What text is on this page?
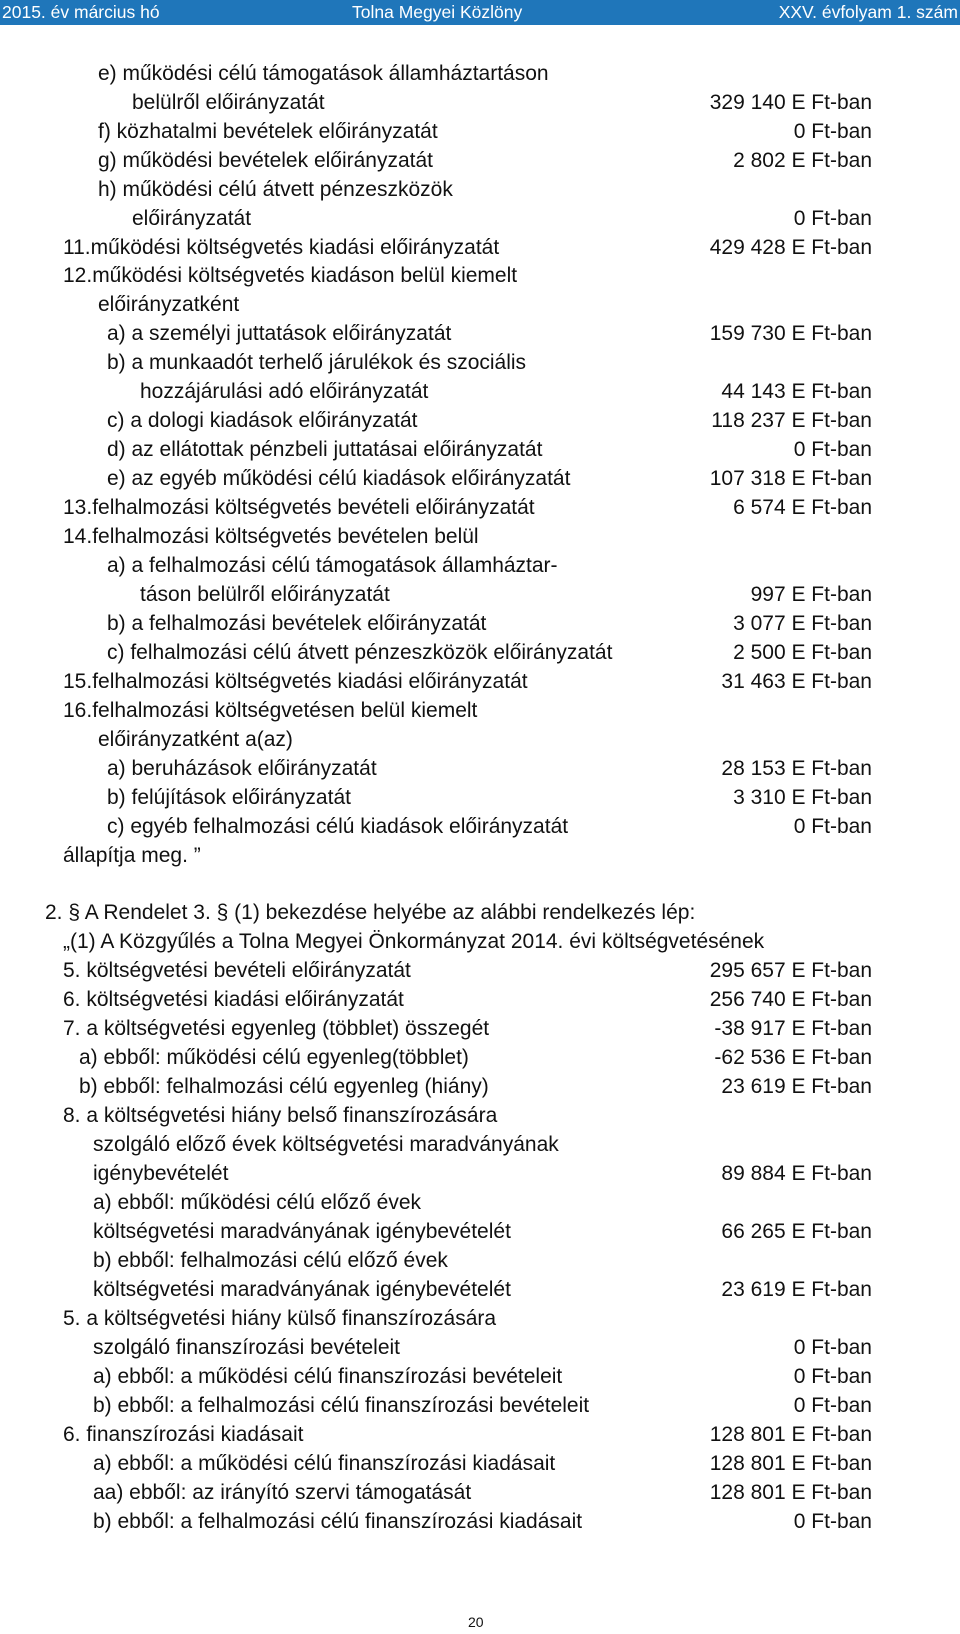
2015. év március hó	Tolna Megyei Közlöny	XXV. évfolyam 1. szám
e) működési célú támogatások államháztartáson
belülről előirányzatát	329 140 E Ft-ban
f) közhatalmi bevételek előirányzatát	0 Ft-ban
g) működési bevételek előirányzatát	2 802 E Ft-ban
h) működési célú átvett pénzeszközök
előirányzatát	0 Ft-ban
11.működési költségvetés kiadási előirányzatát	429 428 E Ft-ban
12.működési költségvetés kiadáson belül kiemelt
előirányzatként
a) a személyi juttatások előirányzatát	159 730 E Ft-ban
b) a munkaadót terhelő járulékok és szociális
hozzájárulási adó előirányzatát	44 143 E Ft-ban
c) a dologi kiadások előirányzatát	118 237 E Ft-ban
d) az ellátottak pénzbeli juttatásai előirányzatát	0 Ft-ban
e) az egyéb működési célú kiadások előirányzatát	107 318 E Ft-ban
13.felhalmozási költségvetés bevételi előirányzatát	6 574 E Ft-ban
14.felhalmozási költségvetés bevételen belül
a) a felhalmozási célú támogatások államháztar-
táson belülről előirányzatát	997 E Ft-ban
b) a felhalmozási bevételek előirányzatát	3 077 E Ft-ban
c) felhalmozási célú átvett pénzeszközök előirányzatát	2 500 E Ft-ban
15.felhalmozási költségvetés kiadási előirányzatát	31 463 E Ft-ban
16.felhalmozási költségvetésen belül kiemelt
előirányzatként a(az)
a) beruházások előirányzatát	28 153 E Ft-ban
b) felújítások előirányzatát	3 310 E Ft-ban
c) egyéb felhalmozási célú kiadások előirányzatát	0 Ft-ban
állapítja meg. ”
2. § A Rendelet 3. § (1) bekezdése helyébe az alábbi rendelkezés lép:
„(1) A Közgyűlés a Tolna Megyei Önkormányzat 2014. évi költségvetésének
5. költségvetési bevételi előirányzatát	295 657 E Ft-ban
6. költségvetési kiadási előirányzatát	256 740 E Ft-ban
7. a költségvetési egyenleg (többlet) összegét	-38 917 E Ft-ban
a) ebből: működési célú egyenleg(többlet)	-62 536 E Ft-ban
b) ebből: felhalmozási célú egyenleg (hiány)	23 619 E Ft-ban
8. a költségvetési hiány belső finanszírozására
szolgáló előző évek költségvetési maradványának
igénybevételét	89 884 E Ft-ban
a) ebből: működési célú előző évek
költségvetési maradványának igénybevételét	66 265 E Ft-ban
b) ebből: felhalmozási célú előző évek
költségvetési maradványának igénybevételét	23 619 E Ft-ban
5. a költségvetési hiány külső finanszírozására
szolgáló finanszírozási bevételeit	0 Ft-ban
a) ebből: a működési célú finanszírozási bevételeit	0 Ft-ban
b) ebből: a felhalmozási célú finanszírozási bevételeit	0 Ft-ban
6. finanszírozási kiadásait	128 801 E Ft-ban
a) ebből: a működési célú finanszírozási kiadásait	128 801 E Ft-ban
aa) ebből: az irányító szervi támogatását	128 801 E Ft-ban
b) ebből: a felhalmozási célú finanszírozási kiadásait	0 Ft-ban
20
